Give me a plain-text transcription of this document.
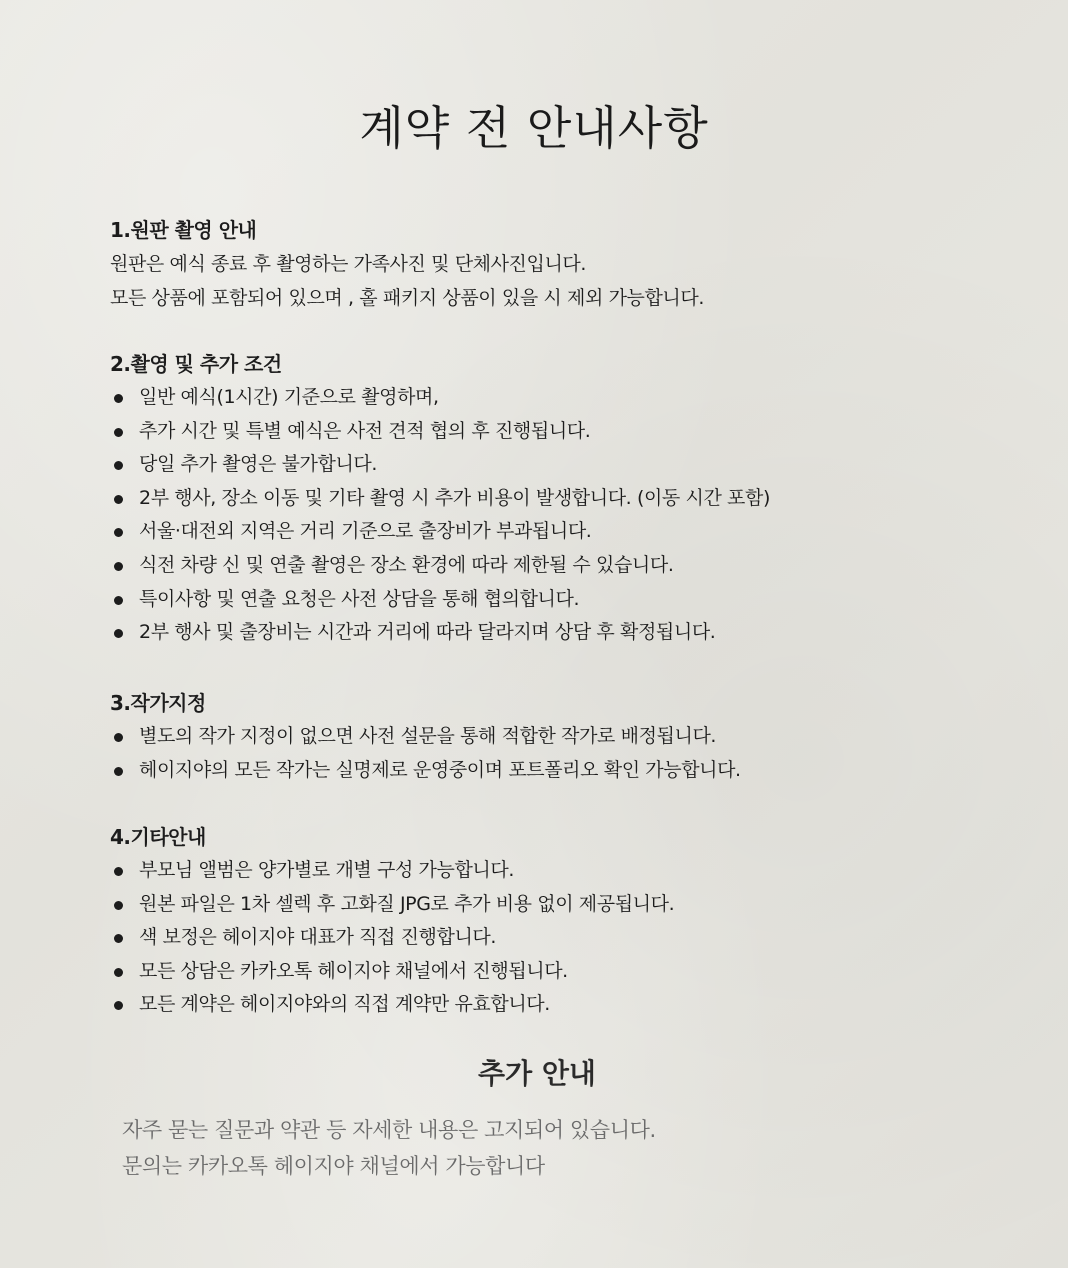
계약 전 안내사항
1.원판 촬영 안내

원판은 예식 종료 후 촬영하는 가족사진 및 단체사진입니다.

모든 상품에 포함되어 있으며 , 홀 패키지 상품이 있을 시 제외 가능합니다.

2.촬영 및 추가 조건
일반 예식(1시간) 기준으로 촬영하며,
추가 시간 및 특별 예식은 사전 견적 협의 후 진행됩니다.
당일 추가 촬영은 불가합니다.
2부 행사, 장소 이동 및 기타 촬영 시 추가 비용이 발생합니다. (이동 시간 포함)
서울·대전외 지역은 거리 기준으로 출장비가 부과됩니다.
식전 차량 신 및 연출 촬영은 장소 환경에 따라 제한될 수 있습니다.
특이사항 및 연출 요청은 사전 상담을 통해 협의합니다.
2부 행사 및 출장비는 시간과 거리에 따라 달라지며 상담 후 확정됩니다.
3.작가지정
별도의 작가 지정이 없으면 사전 설문을 통해 적합한 작가로 배정됩니다.
헤이지야의 모든 작가는 실명제로 운영중이며 포트폴리오 확인 가능합니다.
4.기타안내
부모님 앨범은 양가별로 개별 구성 가능합니다.
원본 파일은 1차 셀렉 후 고화질 JPG로 추가 비용 없이 제공됩니다.
색 보정은 헤이지야 대표가 직접 진행합니다.
모든 상담은 카카오톡 헤이지야 채널에서 진행됩니다.
모든 계약은 헤이지야와의 직접 계약만 유효합니다.
추가 안내

자주 묻는 질문과 약관 등 자세한 내용은 고지되어 있습니다.

문의는 카카오톡 헤이지야 채널에서 가능합니다
